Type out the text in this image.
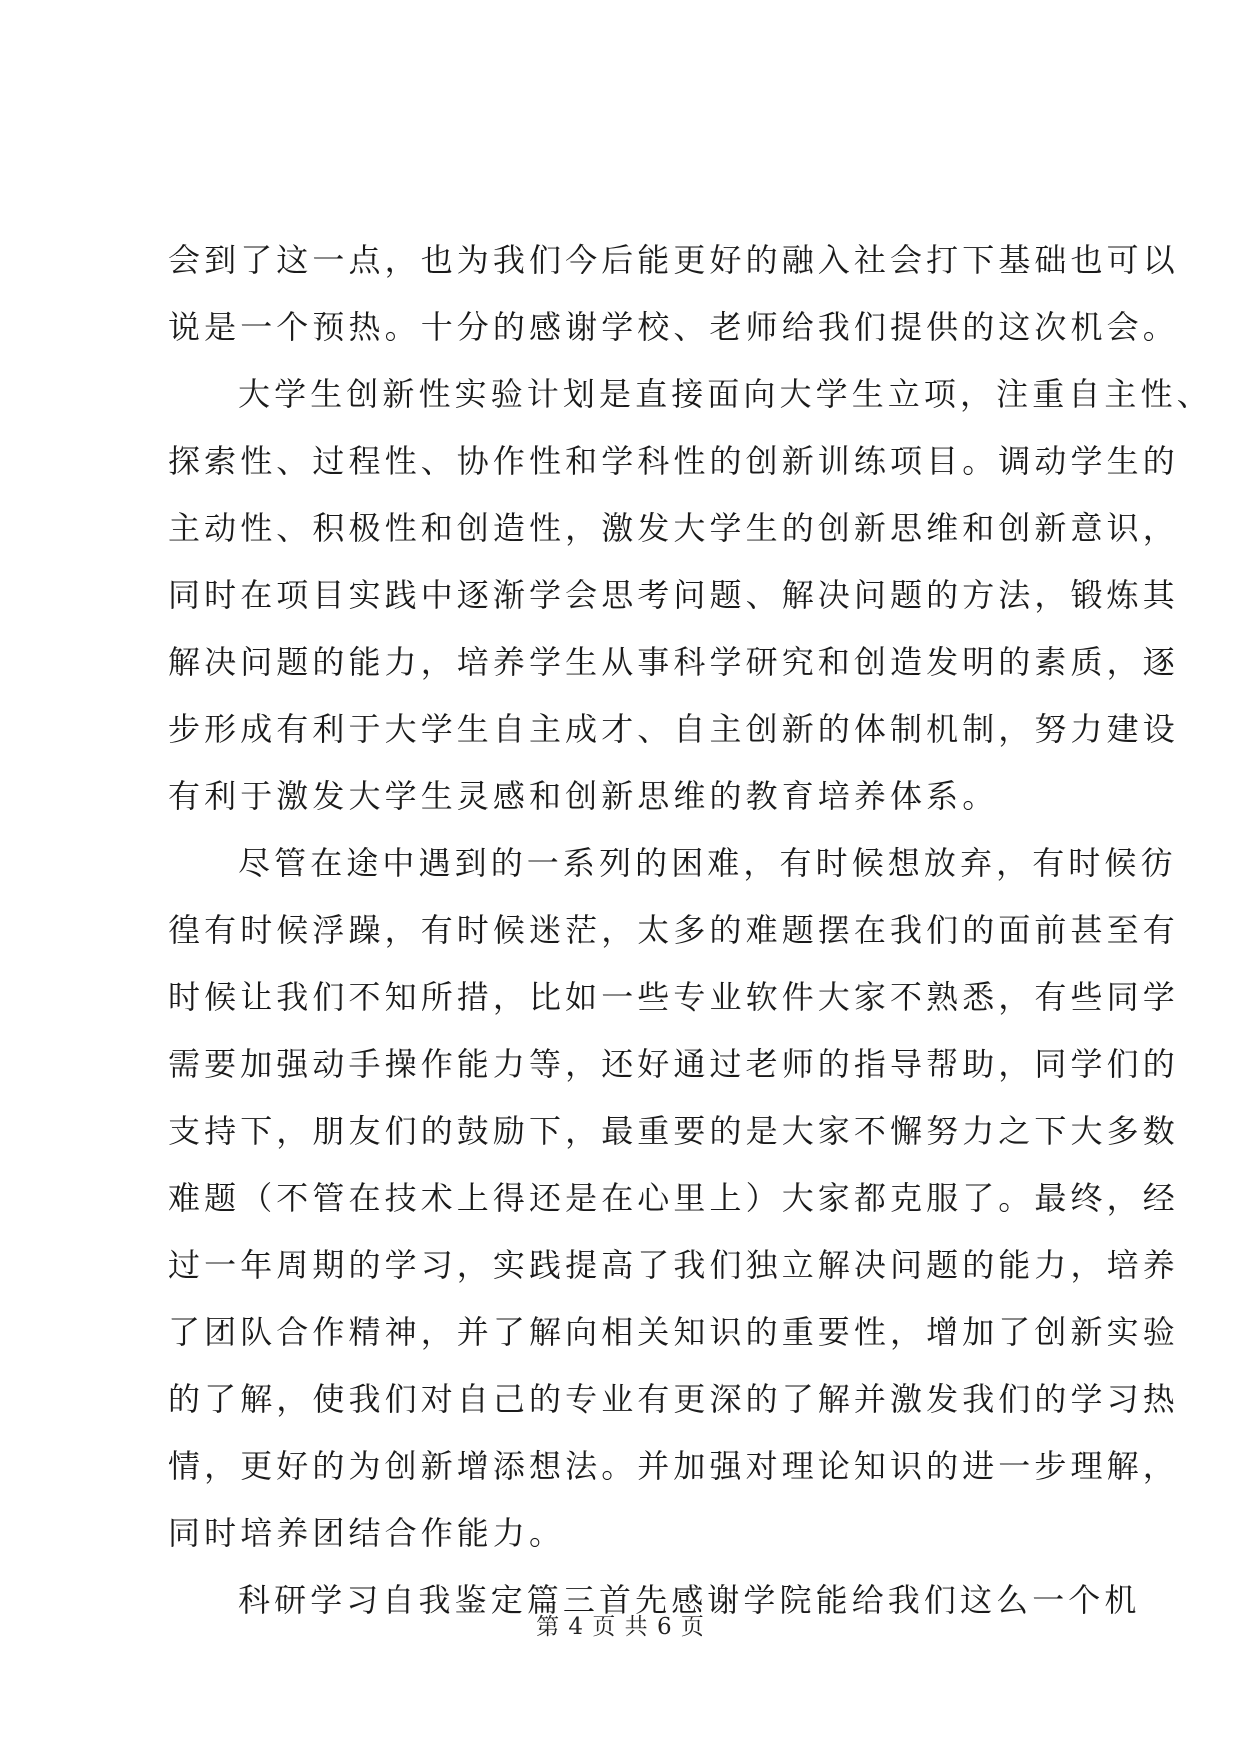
会到了这一点，也为我们今后能更好的融入社会打下基础也可以
说是一个预热。十分的感谢学校、老师给我们提供的这次机会。
大学生创新性实验计划是直接面向大学生立项，注重自主性、
探索性、过程性、协作性和学科性的创新训练项目。调动学生的
主动性、积极性和创造性，激发大学生的创新思维和创新意识，
同时在项目实践中逐渐学会思考问题、解决问题的方法，锻炼其
解决问题的能力，培养学生从事科学研究和创造发明的素质，逐
步形成有利于大学生自主成才、自主创新的体制机制，努力建设
有利于激发大学生灵感和创新思维的教育培养体系。
尽管在途中遇到的一系列的困难，有时候想放弃，有时候彷
徨有时候浮躁，有时候迷茫，太多的难题摆在我们的面前甚至有
时候让我们不知所措，比如一些专业软件大家不熟悉，有些同学
需要加强动手操作能力等，还好通过老师的指导帮助，同学们的
支持下，朋友们的鼓励下，最重要的是大家不懈努力之下大多数
难题（不管在技术上得还是在心里上）大家都克服了。最终，经
过一年周期的学习，实践提高了我们独立解决问题的能力，培养
了团队合作精神，并了解向相关知识的重要性，增加了创新实验
的了解，使我们对自己的专业有更深的了解并激发我们的学习热
情，更好的为创新增添想法。并加强对理论知识的进一步理解，
同时培养团结合作能力。
科研学习自我鉴定篇三首先感谢学院能给我们这么一个机
第 4 页 共 6 页
